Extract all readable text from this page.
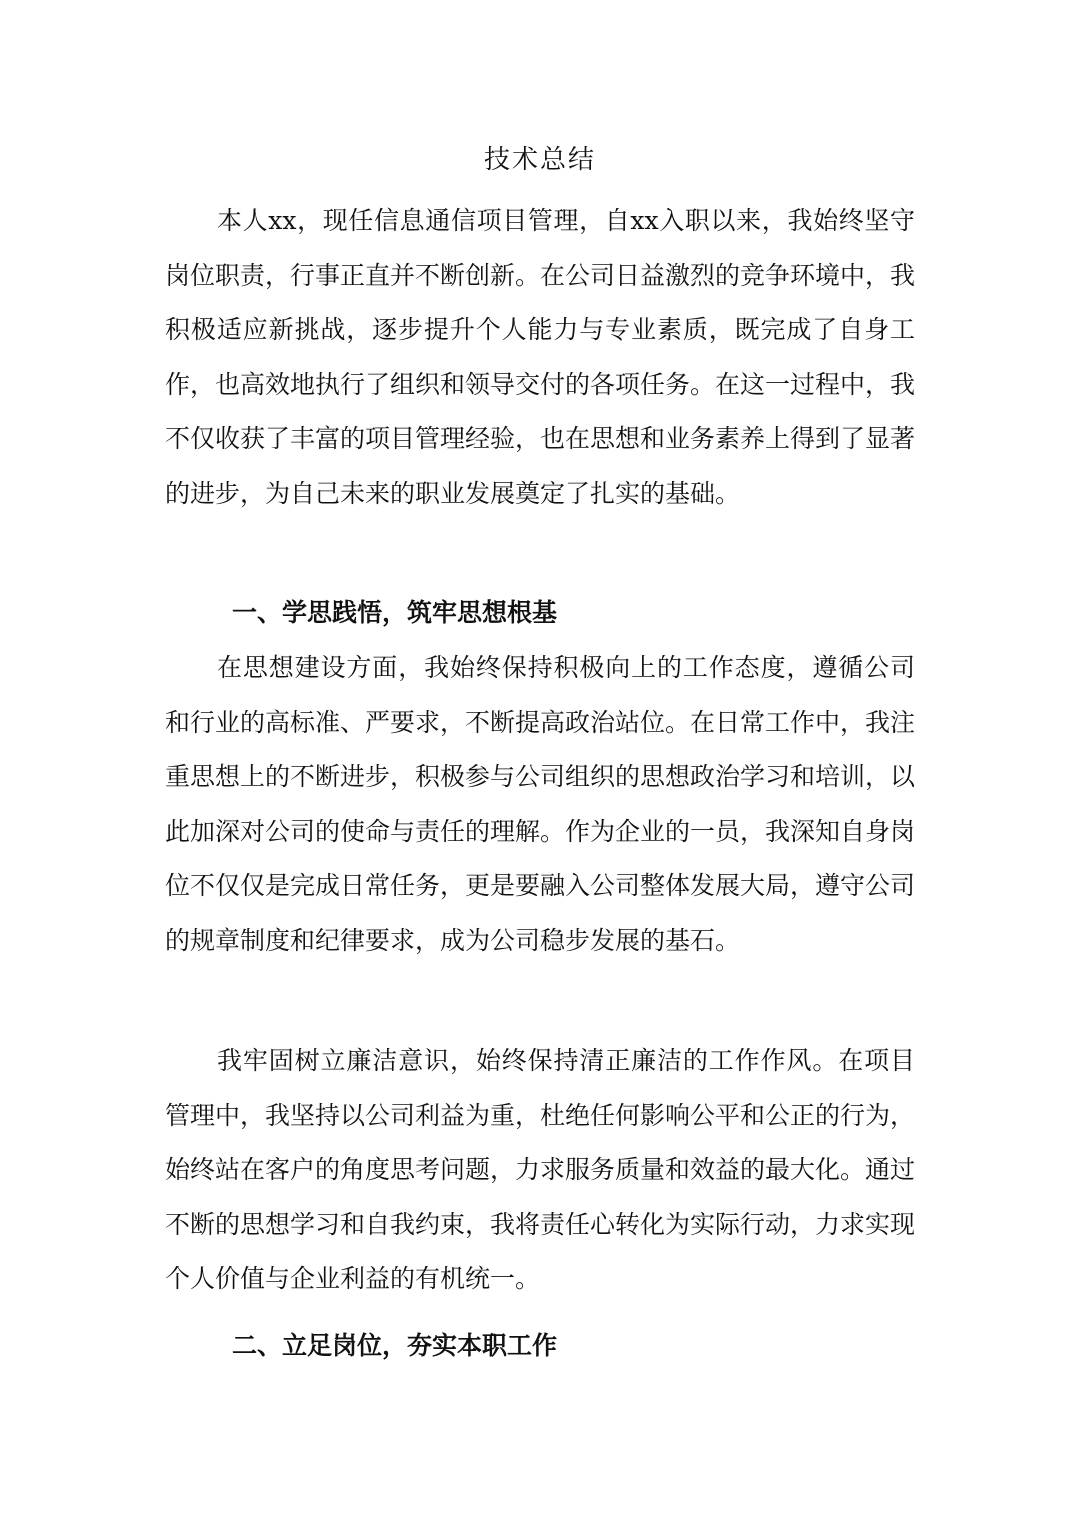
技术总结

本人xx，现任信息通信项目管理，自xx入职以来，我始终坚守岗位职责，行事正直并不断创新。在公司日益激烈的竞争环境中，我积极适应新挑战，逐步提升个人能力与专业素质，既完成了自身工作，也高效地执行了组织和领导交付的各项任务。在这一过程中，我不仅收获了丰富的项目管理经验，也在思想和业务素养上得到了显著的进步，为自己未来的职业发展奠定了扎实的基础。

一、学思践悟，筑牢思想根基

在思想建设方面，我始终保持积极向上的工作态度，遵循公司和行业的高标准、严要求，不断提高政治站位。在日常工作中，我注重思想上的不断进步，积极参与公司组织的思想政治学习和培训，以此加深对公司的使命与责任的理解。作为企业的一员，我深知自身岗位不仅仅是完成日常任务，更是要融入公司整体发展大局，遵守公司的规章制度和纪律要求，成为公司稳步发展的基石。

我牢固树立廉洁意识，始终保持清正廉洁的工作作风。在项目管理中，我坚持以公司利益为重，杜绝任何影响公平和公正的行为，始终站在客户的角度思考问题，力求服务质量和效益的最大化。通过不断的思想学习和自我约束，我将责任心转化为实际行动，力求实现个人价值与企业利益的有机统一。

二、立足岗位，夯实本职工作
